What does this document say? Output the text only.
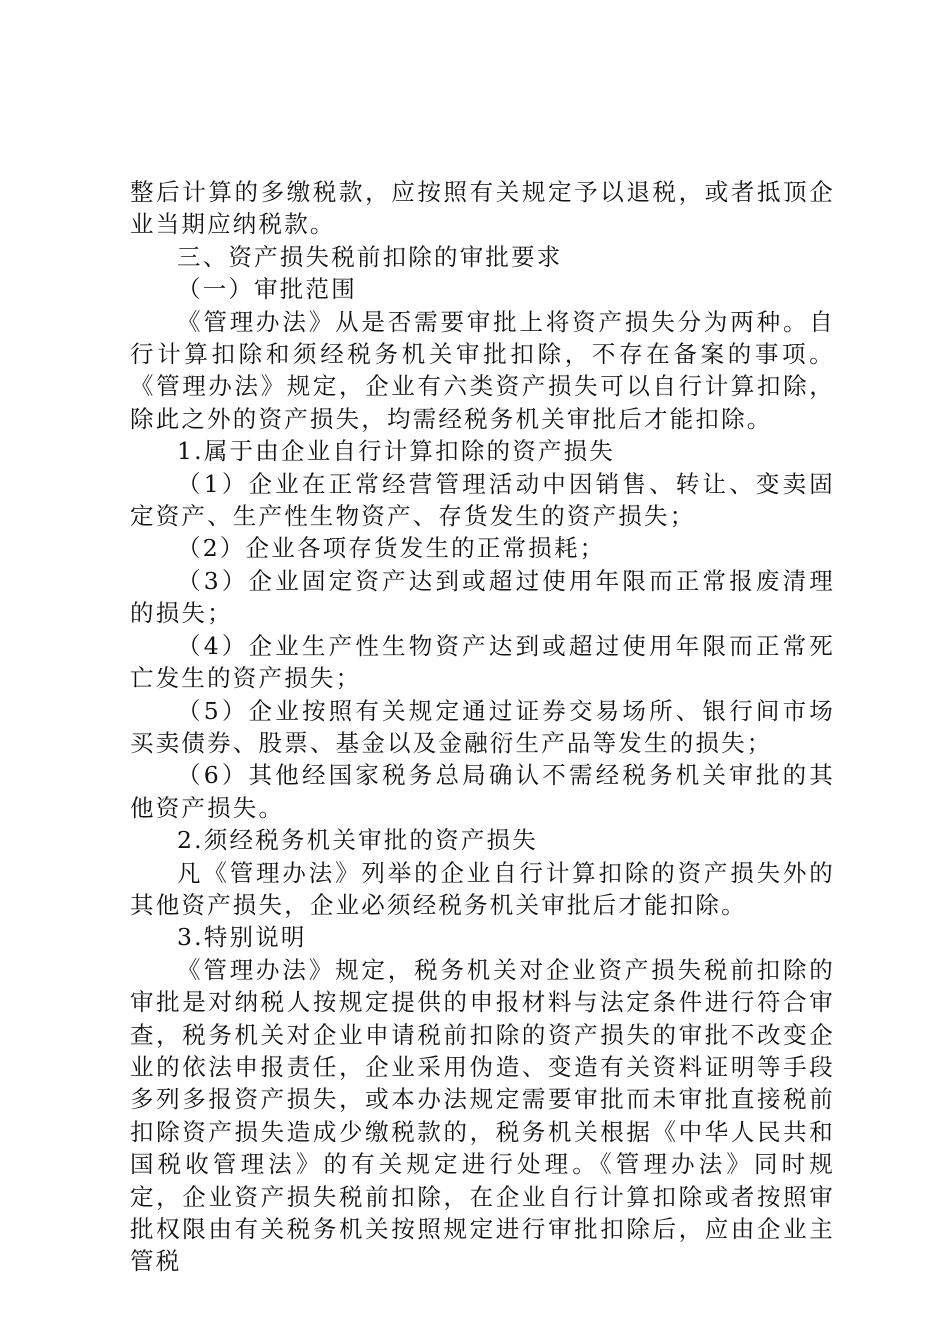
整后计算的多缴税款，应按照有关规定予以退税，或者抵顶企业当期应纳税款。

三、资产损失税前扣除的审批要求

（一）审批范围

《管理办法》从是否需要审批上将资产损失分为两种。自行计算扣除和须经税务机关审批扣除，不存在备案的事项。《管理办法》规定，企业有六类资产损失可以自行计算扣除，除此之外的资产损失，均需经税务机关审批后才能扣除。

1.属于由企业自行计算扣除的资产损失

（1）企业在正常经营管理活动中因销售、转让、变卖固定资产、生产性生物资产、存货发生的资产损失；

（2）企业各项存货发生的正常损耗；

（3）企业固定资产达到或超过使用年限而正常报废清理的损失；

（4）企业生产性生物资产达到或超过使用年限而正常死亡发生的资产损失；

（5）企业按照有关规定通过证券交易场所、银行间市场买卖债券、股票、基金以及金融衍生产品等发生的损失；

（6）其他经国家税务总局确认不需经税务机关审批的其他资产损失。

2.须经税务机关审批的资产损失

凡《管理办法》列举的企业自行计算扣除的资产损失外的其他资产损失，企业必须经税务机关审批后才能扣除。

3.特别说明

《管理办法》规定，税务机关对企业资产损失税前扣除的审批是对纳税人按规定提供的申报材料与法定条件进行符合审查，税务机关对企业申请税前扣除的资产损失的审批不改变企业的依法申报责任，企业采用伪造、变造有关资料证明等手段多列多报资产损失，或本办法规定需要审批而未审批直接税前扣除资产损失造成少缴税款的，税务机关根据《中华人民共和国税收管理法》的有关规定进行处理。《管理办法》同时规定，企业资产损失税前扣除，在企业自行计算扣除或者按照审批权限由有关税务机关按照规定进行审批扣除后，应由企业主管税
